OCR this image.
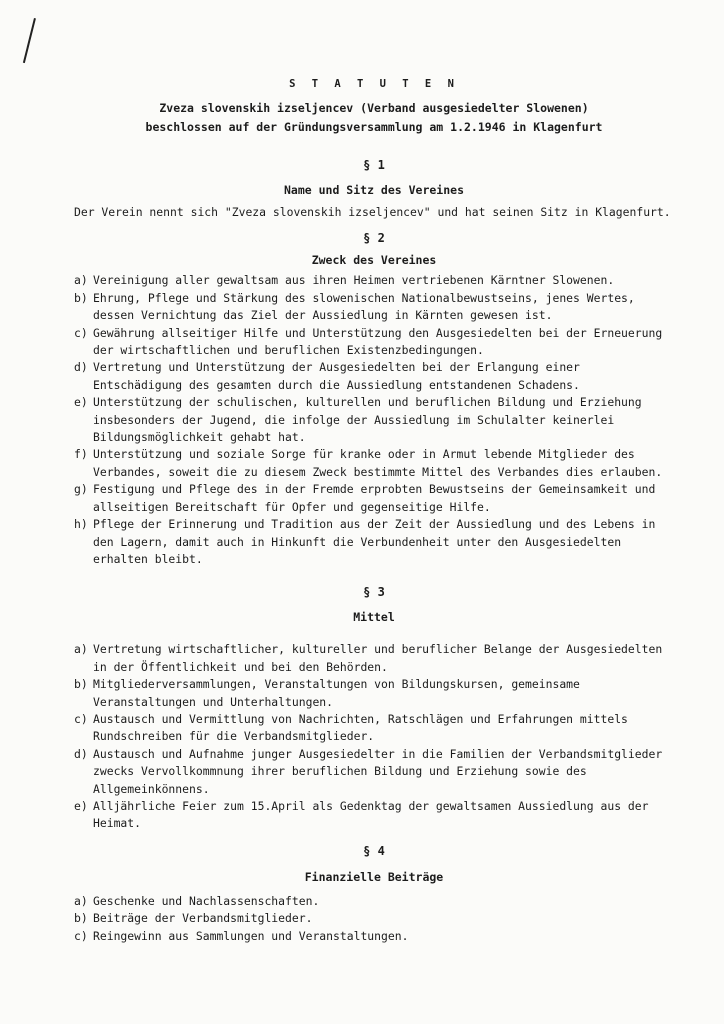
S T A T U T E N

Zveza slovenskih izseljencev (Verband ausgesiedelter Slowenen)

beschlossen auf der Gründungsversammlung am 1.2.1946 in Klagenfurt

§ 1

Name und Sitz des Vereines

Der Verein nennt sich "Zveza slovenskih izseljencev" und hat seinen Sitz in Klagenfurt.

§ 2

Zweck des Vereines

a) Vereinigung aller gewaltsam aus ihren Heimen vertriebenen Kärntner Slowenen.
b) Ehrung, Pflege und Stärkung des slowenischen Nationalbewustseins, jenes Wertes, dessen Vernichtung das Ziel der Aussiedlung in Kärnten gewesen ist.
c) Gewährung allseitiger Hilfe und Unterstützung den Ausgesiedelten bei der Erneuerung der wirtschaftlichen und beruflichen Existenzbedingungen.
d) Vertretung und Unterstützung der Ausgesiedelten bei der Erlangung einer Entschädigung des gesamten durch die Aussiedlung entstandenen Schadens.
e) Unterstützung der schulischen, kulturellen und beruflichen Bildung und Erziehung insbesonders der Jugend, die infolge der Aussiedlung im Schulalter keinerlei Bildungsmöglichkeit gehabt hat.
f) Unterstützung und soziale Sorge für kranke oder in Armut lebende Mitglieder des Verbandes, soweit die zu diesem Zweck bestimmte Mittel des Verbandes dies erlauben.
g) Festigung und Pflege des in der Fremde erprobten Bewustseins der Gemeinsamkeit und allseitigen Bereitschaft für Opfer und gegenseitige Hilfe.
h) Pflege der Erinnerung und Tradition aus der Zeit der Aussiedlung und des Lebens in den Lagern, damit auch in Hinkunft die Verbundenheit unter den Ausgesiedelten erhalten bleibt.

§ 3

Mittel

a) Vertretung wirtschaftlicher, kultureller und beruflicher Belange der Ausgesiedelten in der Öffentlichkeit und bei den Behörden.
b) Mitgliederversammlungen, Veranstaltungen von Bildungskursen, gemeinsame Veranstaltungen und Unterhaltungen.
c) Austausch und Vermittlung von Nachrichten, Ratschlägen und Erfahrungen mittels Rundschreiben für die Verbandsmitglieder.
d) Austausch und Aufnahme junger Ausgesiedelter in die Familien der Verbandsmitglieder zwecks Vervollkommnung ihrer beruflichen Bildung und Erziehung sowie des Allgemeinkönnens.
e) Alljährliche Feier zum 15.April als Gedenktag der gewaltsamen Aussiedlung aus der Heimat.

§ 4

Finanzielle Beiträge

a) Geschenke und Nachlassenschaften.
b) Beiträge der Verbandsmitglieder.
c) Reingewinn aus Sammlungen und Veranstaltungen.
